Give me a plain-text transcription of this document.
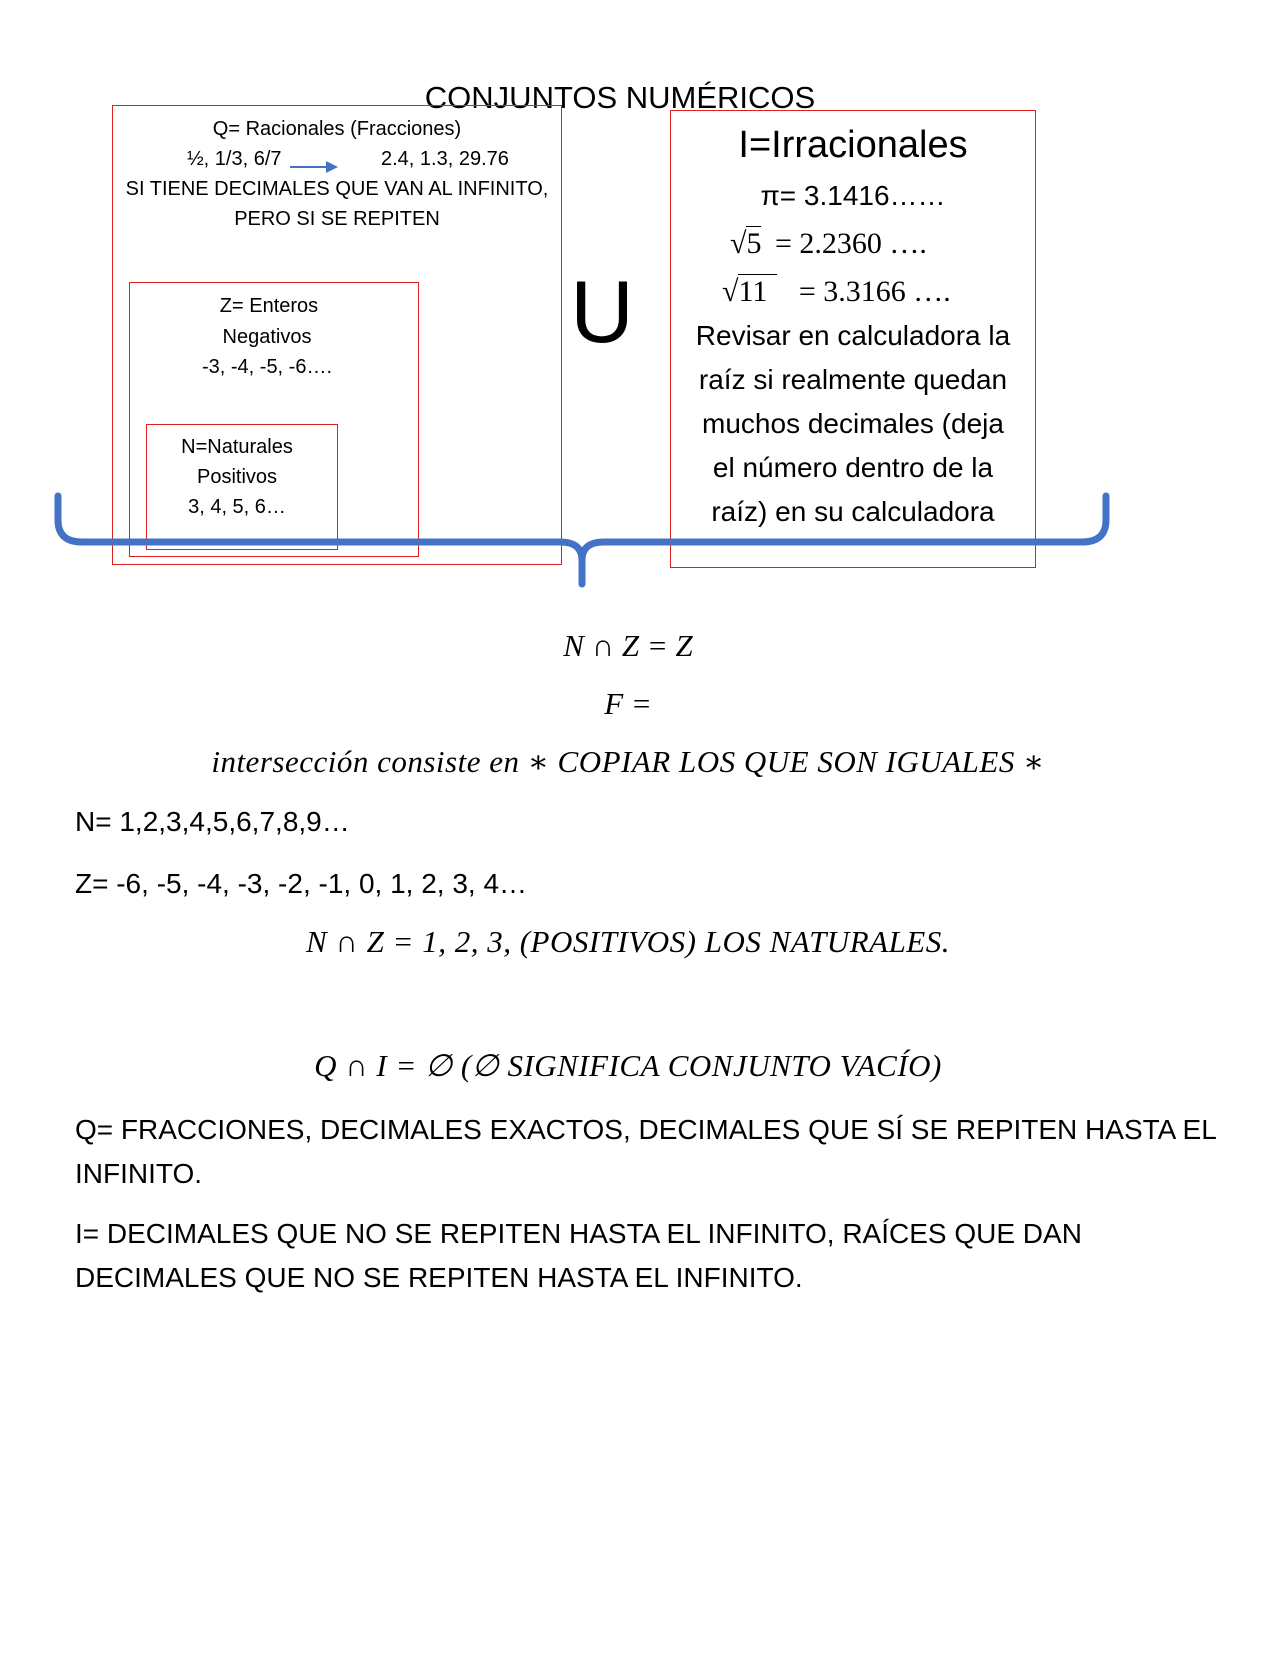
CONJUNTOS NUMÉRICOS
Q= Racionales (Fracciones)
½, 1/3, 6/7	2.4, 1.3, 29.76
SI TIENE DECIMALES QUE VAN AL INFINITO,
PERO SI SE REPITEN
Z= Enteros
Negativos
-3, -4, -5, -6….
N=Naturales
Positivos
3, 4, 5, 6…
U
I=Irracionales
π= 3.1416……
√5 = 2.2360 ….
√11 = 3.3166 ….
Revisar en calculadora la
raíz si realmente quedan
muchos decimales (deja
el número dentro de la
raíz) en su calculadora
N ∩ Z = Z
F =
intersección consiste en ∗ COPIAR LOS QUE SON IGUALES ∗
N= 1,2,3,4,5,6,7,8,9…
Z= -6, -5, -4, -3, -2, -1, 0, 1, 2, 3, 4…
N ∩ Z = 1, 2, 3, (POSITIVOS) LOS NATURALES.
Q ∩ I = ∅ (∅ SIGNIFICA CONJUNTO VACÍO)
Q= FRACCIONES, DECIMALES EXACTOS, DECIMALES QUE SÍ SE REPITEN HASTA EL
INFINITO.
I= DECIMALES QUE NO SE REPITEN HASTA EL INFINITO, RAÍCES QUE DAN
DECIMALES QUE NO SE REPITEN HASTA EL INFINITO.
